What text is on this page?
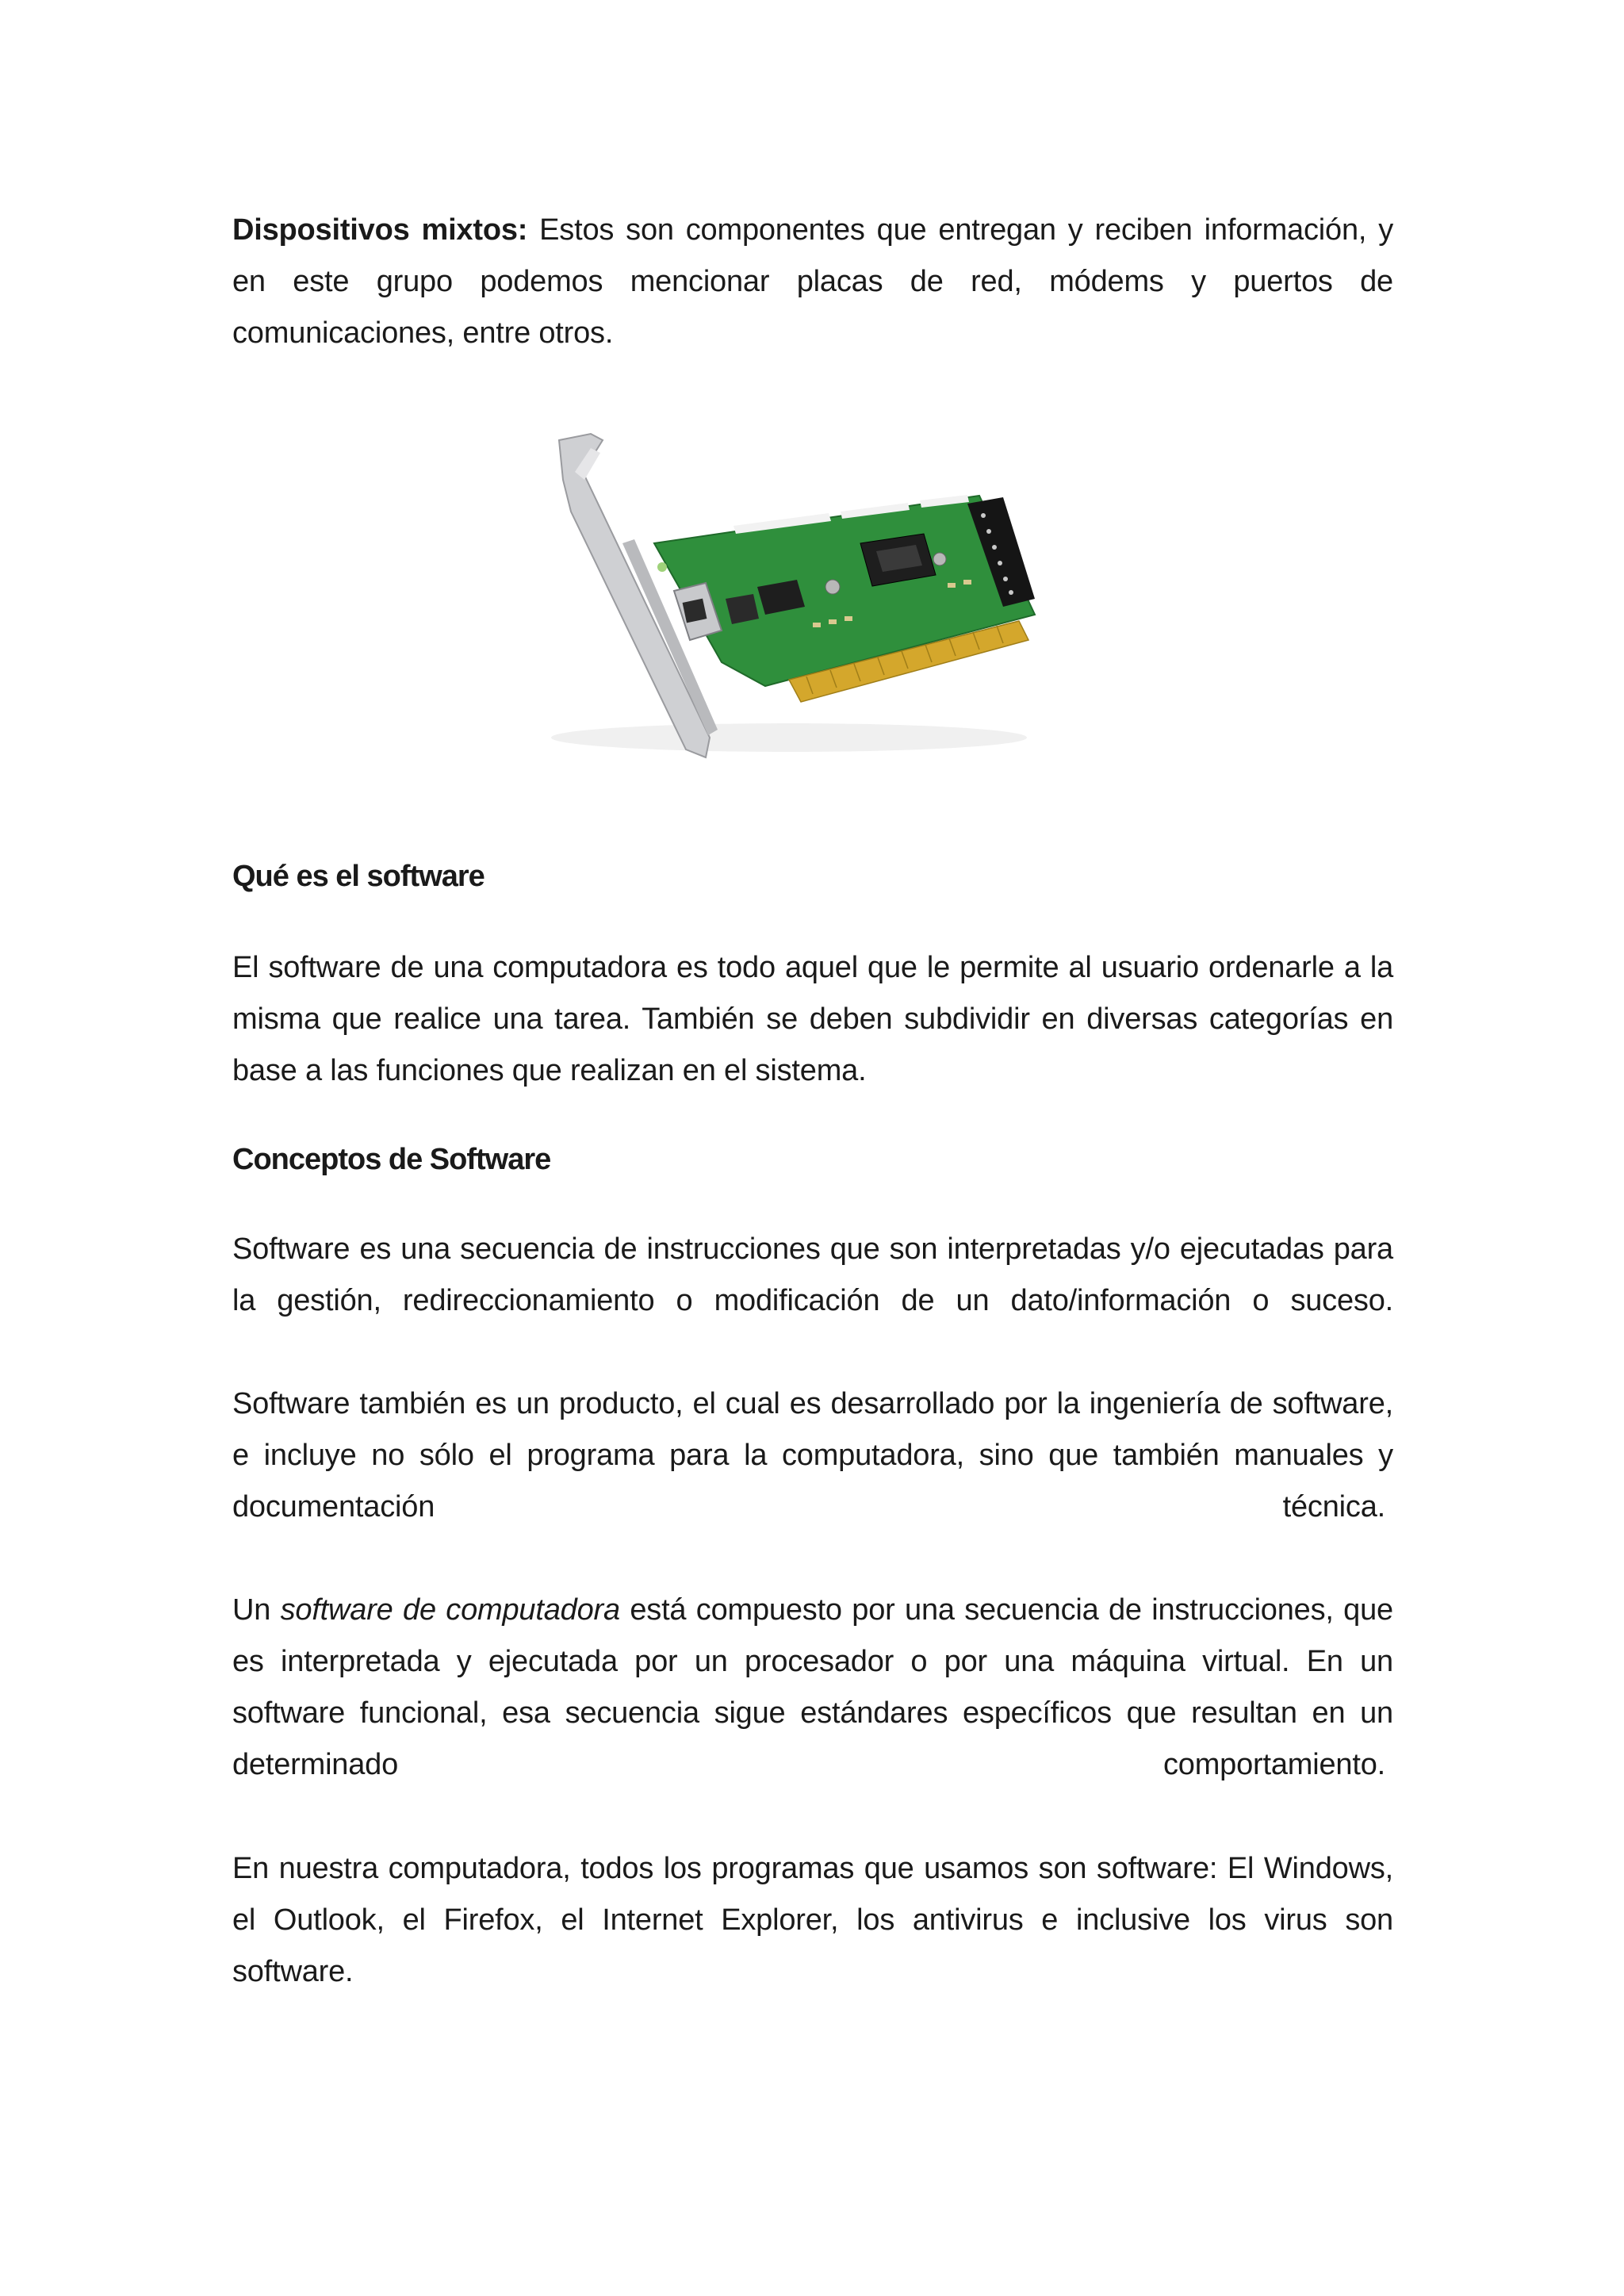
Dispositivos mixtos: Estos son componentes que entregan y reciben información, y en este grupo podemos mencionar placas de red, módems y puertos de comunicaciones, entre otros.
Qué es el software
El software de una computadora es todo aquel que le permite al usuario ordenarle a la misma que realice una tarea. También se deben subdividir en diversas categorías en base a las funciones que realizan en el sistema.
Conceptos de Software
Software es una secuencia de instrucciones que son interpretadas y/o ejecutadas para la gestión, redireccionamiento o modificación de un dato/información o suceso.
Software también es un producto, el cual es desarrollado por la ingeniería de software, e incluye no sólo el programa para la computadora, sino que también manuales y
documentación	técnica.
Un software de computadora está compuesto por una secuencia de instrucciones, que es interpretada y ejecutada por un procesador o por una máquina virtual. En un software funcional, esa secuencia sigue estándares específicos que resultan en un
determinado	comportamiento.
En nuestra computadora, todos los programas que usamos son software: El Windows, el Outlook, el Firefox, el Internet Explorer, los antivirus e inclusive los virus son software.
